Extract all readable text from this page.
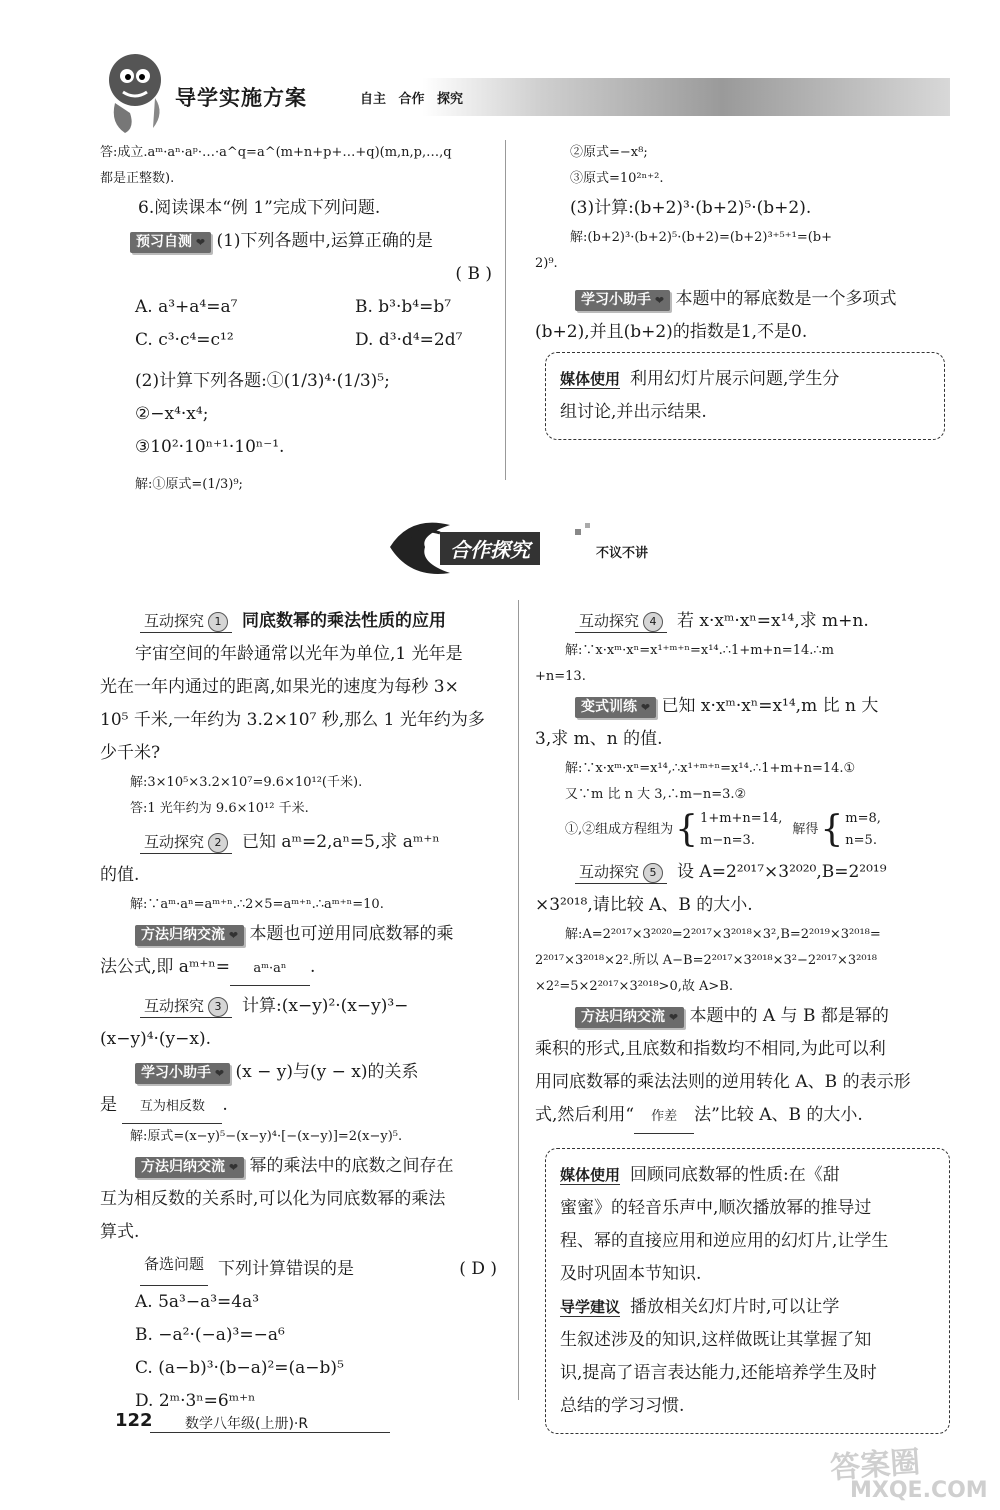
导学实施方案	自主 合作 探究
答:成立.aᵐ·aⁿ·aᵖ·…·a^q=a^(m+n+p+…+q)(m,n,p,…,q
都是正整数).
6.阅读课本“例 1”完成下列问题.
预习自测 ❤ (1)下列各题中,运算正确的是
( B )
A. a³+a⁴=a⁷	B. b³·b⁴=b⁷
C. c³·c⁴=c¹²	D. d³·d⁴=2d⁷
(2)计算下列各题:①(1/3)⁴·(1/3)⁵;
②−x⁴·x⁴;
③10²·10ⁿ⁺¹·10ⁿ⁻¹.
解:①原式=(1/3)⁹;
②原式=−x⁸;
③原式=10²ⁿ⁺².
(3)计算:(b+2)³·(b+2)⁵·(b+2).
解:(b+2)³·(b+2)⁵·(b+2)=(b+2)³⁺⁵⁺¹=(b+
2)⁹.
学习小助手 ❤ 本题中的幂底数是一个多项式
(b+2),并且(b+2)的指数是1,不是0.
媒体使用 利用幻灯片展示问题,学生分
组讨论,并出示结果.
合作探究	不议不讲
互动探究 1 同底数幂的乘法性质的应用
宇宙空间的年龄通常以光年为单位,1 光年是
光在一年内通过的距离,如果光的速度为每秒 3×
10⁵ 千米,一年约为 3.2×10⁷ 秒,那么 1 光年约为多
少千米?
解:3×10⁵×3.2×10⁷=9.6×10¹²(千米).
答:1 光年约为 9.6×10¹² 千米.
互动探究 2 已知 aᵐ=2,aⁿ=5,求 aᵐ⁺ⁿ
的值.
解:∵aᵐ·aⁿ=aᵐ⁺ⁿ.∴2×5=aᵐ⁺ⁿ.∴aᵐ⁺ⁿ=10.
方法归纳交流 ❤ 本题也可逆用同底数幂的乘
法公式,即 aᵐ⁺ⁿ= aᵐ·aⁿ .
互动探究 3 计算:(x−y)²·(x−y)³−
(x−y)⁴·(y−x).
学习小助手 ❤ (x − y)与(y − x)的关系
是 互为相反数 .
解:原式=(x−y)⁵−(x−y)⁴·[−(x−y)]=2(x−y)⁵.
方法归纳交流 ❤ 幂的乘法中的底数之间存在
互为相反数的关系时,可以化为同底数幂的乘法
算式.
备选问题 下列计算错误的是	( D )
A. 5a³−a³=4a³
B. −a²·(−a)³=−a⁶
C. (a−b)³·(b−a)²=(a−b)⁵
D. 2ᵐ·3ⁿ=6ᵐ⁺ⁿ
互动探究 4 若 x·xᵐ·xⁿ=x¹⁴,求 m+n.
解:∵x·xᵐ·xⁿ=x¹⁺ᵐ⁺ⁿ=x¹⁴.∴1+m+n=14.∴m
+n=13.
变式训练 ❤ 已知 x·xᵐ·xⁿ=x¹⁴,m 比 n 大
3,求 m、n 的值.
解:∵x·xᵐ·xⁿ=x¹⁴,∴x¹⁺ᵐ⁺ⁿ=x¹⁴.∴1+m+n=14.①
又∵m 比 n 大 3,∴m−n=3.②
①,②组成方程组为 { 1+m+n=14,
m−n=3.
解得 { m=8,
n=5.
互动探究 5 设 A=2²⁰¹⁷×3²⁰²⁰,B=2²⁰¹⁹
×3²⁰¹⁸,请比较 A、B 的大小.
解:A=2²⁰¹⁷×3²⁰²⁰=2²⁰¹⁷×3²⁰¹⁸×3²,B=2²⁰¹⁹×3²⁰¹⁸=
2²⁰¹⁷×3²⁰¹⁸×2².所以 A−B=2²⁰¹⁷×3²⁰¹⁸×3²−2²⁰¹⁷×3²⁰¹⁸
×2²=5×2²⁰¹⁷×3²⁰¹⁸>0,故 A>B.
方法归纳交流 ❤ 本题中的 A 与 B 都是幂的
乘积的形式,且底数和指数均不相同,为此可以利
用同底数幂的乘法法则的逆用转化 A、B 的表示形
式,然后利用“ 作差 法”比较 A、B 的大小.
媒体使用 回顾同底数幂的性质:在《甜
蜜蜜》的轻音乐声中,顺次播放幂的推导过
程、幂的直接应用和逆应用的幻灯片,让学生
及时巩固本节知识.
导学建议 播放相关幻灯片时,可以让学
生叙述涉及的知识,这样做既让其掌握了知
识,提高了语言表达能力,还能培养学生及时
总结的学习习惯.
122 数学八年级(上册)·R
答案圈
MXQE.COM
